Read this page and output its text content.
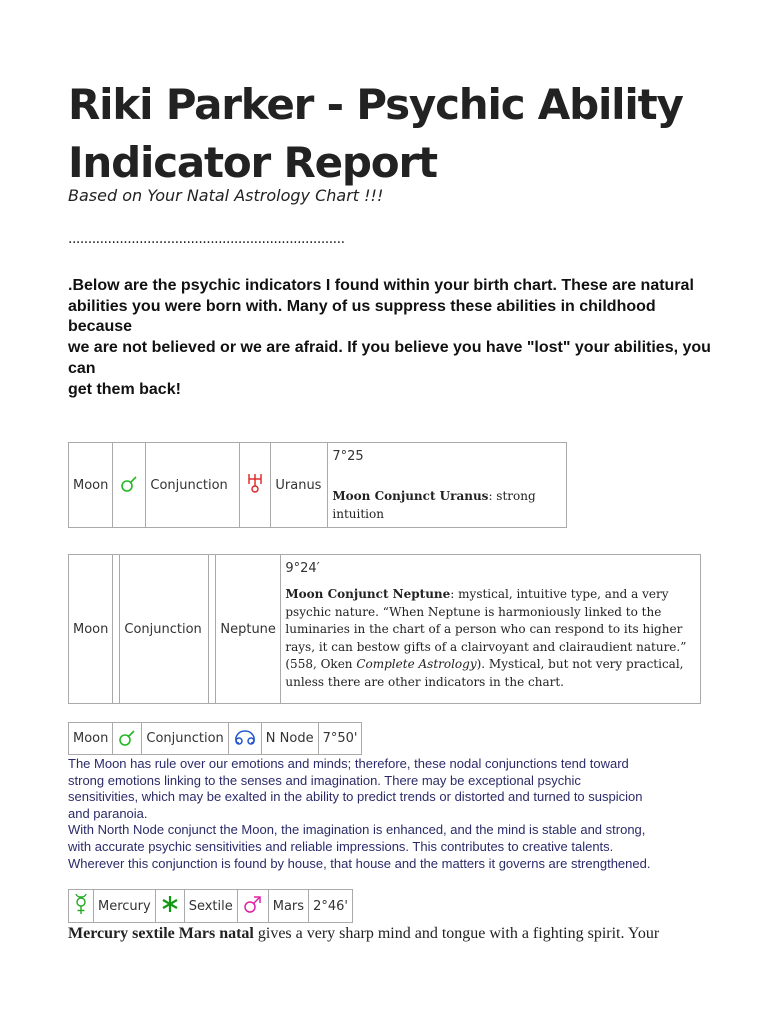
Riki Parker - Psychic Ability Indicator Report

Based on Your Natal Astrology Chart !!!

......................................................................

.Below are the psychic indicators I found within your birth chart. These are natural
abilities you were born with. Many of us suppress these abilities in childhood because
we are not believed or we are afraid. If you believe you have "lost" your abilities, you can
get them back!

Moon		Conjunction		Uranus	
7°25
Moon Conjunct Uranus: strong intuition
Moon		Conjunction		Neptune	
9°24′
Moon Conjunct Neptune: mystical, intuitive type, and a very psychic nature. “When Neptune is harmoniously linked to the luminaries in the chart of a person who can respond to its higher rays, it can bestow gifts of a clairvoyant and clairaudient nature.” (558, Oken Complete Astrology). Mystical, but not very practical, unless there are other indicators in the chart.
Moon		Conjunction		N Node	7°50'
The Moon has rule over our emotions and minds; therefore, these nodal conjunctions tend toward
strong emotions linking to the senses and imagination. There may be exceptional psychic
sensitivities, which may be exalted in the ability to predict trends or distorted and turned to suspicion
and paranoia.
With North Node conjunct the Moon, the imagination is enhanced, and the mind is stable and strong,
with accurate psychic sensitivities and reliable impressions. This contributes to creative talents.
Wherever this conjunction is found by house, that house and the matters it governs are strengthened.
	Mercury		Sextile		Mars	2°46'

Mercury sextile Mars natal gives a very sharp mind and tongue with a fighting spirit. Your
